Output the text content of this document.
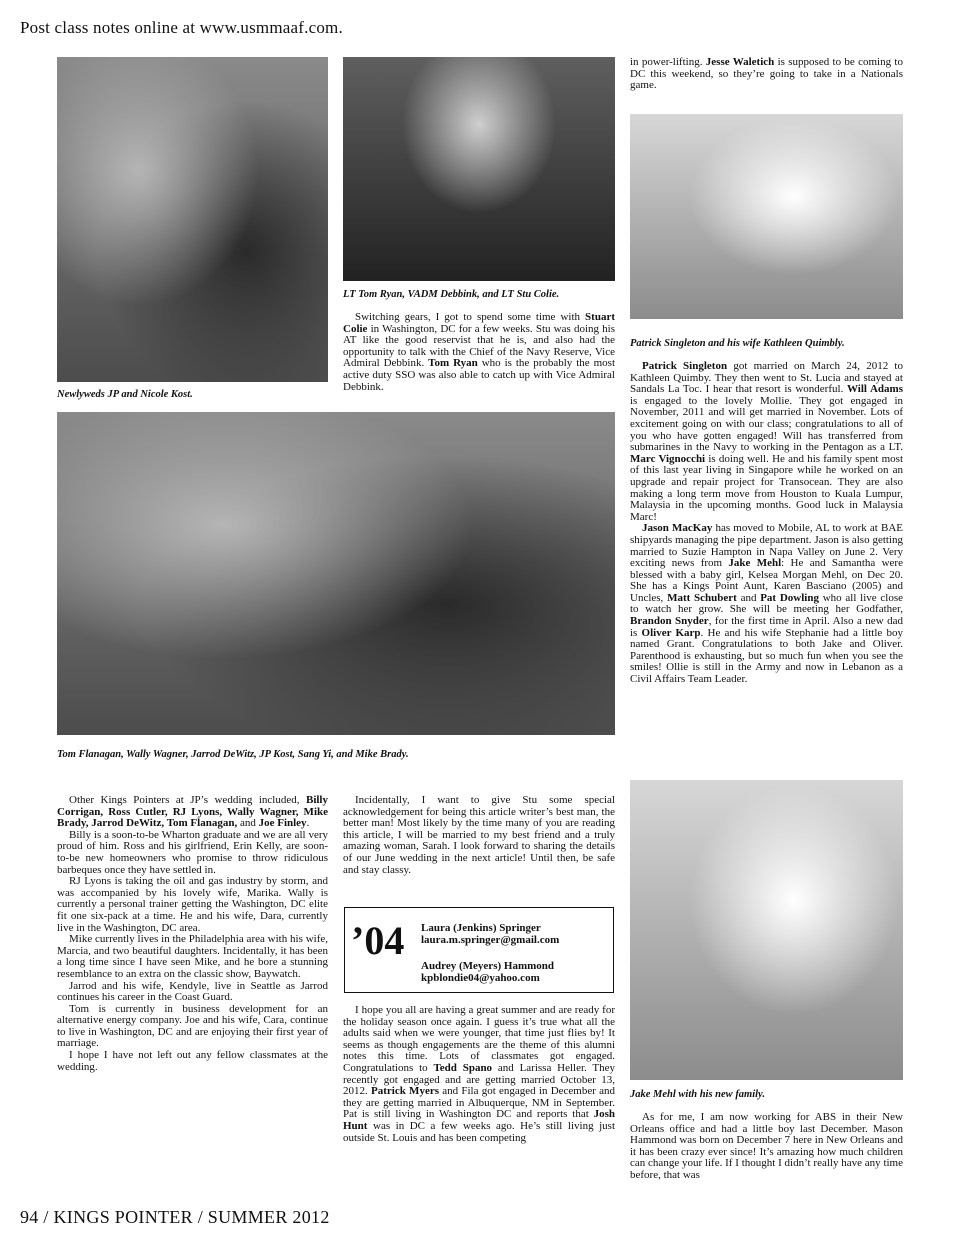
Post class notes online at www.usmmaaf.com.
Newlyweds JP and Nicole Kost.
LT Tom Ryan, VADM Debbink, and LT Stu Colie.
Patrick Singleton and his wife Kathleen Quimbly.
Tom Flanagan, Wally Wagner, Jarrod DeWitz, JP Kost, Sang Yi, and Mike Brady.
Jake Mehl with his new family.

Switching gears, I got to spend some time with Stuart Colie in Washington, DC for a few weeks. Stu was doing his AT like the good reservist that he is, and also had the opportunity to talk with the Chief of the Navy Reserve, Vice Admiral Debbink. Tom Ryan who is the probably the most active duty SSO was also able to catch up with Vice Admiral Debbink.

in power-lifting. Jesse Waletich is supposed to be coming to DC this weekend, so they’re going to take in a Nationals game.

Patrick Singleton got married on March 24, 2012 to Kathleen Quimby. They then went to St. Lucia and stayed at Sandals La Toc. I hear that resort is wonderful. Will Adams is engaged to the lovely Mollie. They got engaged in November, 2011 and will get married in November. Lots of excitement going on with our class; congratulations to all of you who have gotten engaged! Will has transferred from submarines in the Navy to working in the Pentagon as a LT. Marc Vignocchi is doing well. He and his family spent most of this last year living in Singapore while he worked on an upgrade and repair project for Transocean. They are also making a long term move from Houston to Kuala Lumpur, Malaysia in the upcoming months. Good luck in Malaysia Marc!

Jason MacKay has moved to Mobile, AL to work at BAE shipyards managing the pipe department. Jason is also getting married to Suzie Hampton in Napa Valley on June 2. Very exciting news from Jake Mehl: He and Samantha were blessed with a baby girl, Kelsea Morgan Mehl, on Dec 20. She has a Kings Point Aunt, Karen Basciano (2005) and Uncles, Matt Schubert and Pat Dowling who all live close to watch her grow. She will be meeting her Godfather, Brandon Snyder, for the first time in April. Also a new dad is Oliver Karp. He and his wife Stephanie had a little boy named Grant. Congratulations to both Jake and Oliver. Parenthood is exhausting, but so much fun when you see the smiles! Ollie is still in the Army and now in Lebanon as a Civil Affairs Team Leader.

Other Kings Pointers at JP’s wedding included, Billy Corrigan, Ross Cutler, RJ Lyons, Wally Wagner, Mike Brady, Jarrod DeWitz, Tom Flanagan, and Joe Finley.

Billy is a soon-to-be Wharton graduate and we are all very proud of him. Ross and his girlfriend, Erin Kelly, are soon-to-be new homeowners who promise to throw ridiculous barbeques once they have settled in.

RJ Lyons is taking the oil and gas industry by storm, and was accompanied by his lovely wife, Marika. Wally is currently a personal trainer getting the Washington, DC elite fit one six-pack at a time. He and his wife, Dara, currently live in the Washington, DC area.

Mike currently lives in the Philadelphia area with his wife, Marcia, and two beautiful daughters. Incidentally, it has been a long time since I have seen Mike, and he bore a stunning resemblance to an extra on the classic show, Baywatch.

Jarrod and his wife, Kendyle, live in Seattle as Jarrod continues his career in the Coast Guard.

Tom is currently in business development for an alternative energy company. Joe and his wife, Cara, continue to live in Washington, DC and are enjoying their first year of marriage.

I hope I have not left out any fellow classmates at the wedding.

Incidentally, I want to give Stu some special acknowledgement for being this article writer’s best man, the better man! Most likely by the time many of you are reading this article, I will be married to my best friend and a truly amazing woman, Sarah. I look forward to sharing the details of our June wedding in the next article! Until then, be safe and stay classy.

’04 Laura (Jenkins) Springer
laura.m.springer@gmail.com
Audrey (Meyers) Hammond
kpblondie04@yahoo.com

I hope you all are having a great summer and are ready for the holiday season once again. I guess it’s true what all the adults said when we were younger, that time just flies by! It seems as though engagements are the theme of this alumni notes this time. Lots of classmates got engaged. Congratulations to Tedd Spano and Larissa Heller. They recently got engaged and are getting married October 13, 2012. Patrick Myers and Fila got engaged in December and they are getting married in Albuquerque, NM in September. Pat is still living in Washington DC and reports that Josh Hunt was in DC a few weeks ago. He’s still living just outside St. Louis and has been competing

As for me, I am now working for ABS in their New Orleans office and had a little boy last December. Mason Hammond was born on December 7 here in New Orleans and it has been crazy ever since! It’s amazing how much children can change your life. If I thought I didn’t really have any time before, that was

94 / KINGS POINTER / SUMMER 2012
